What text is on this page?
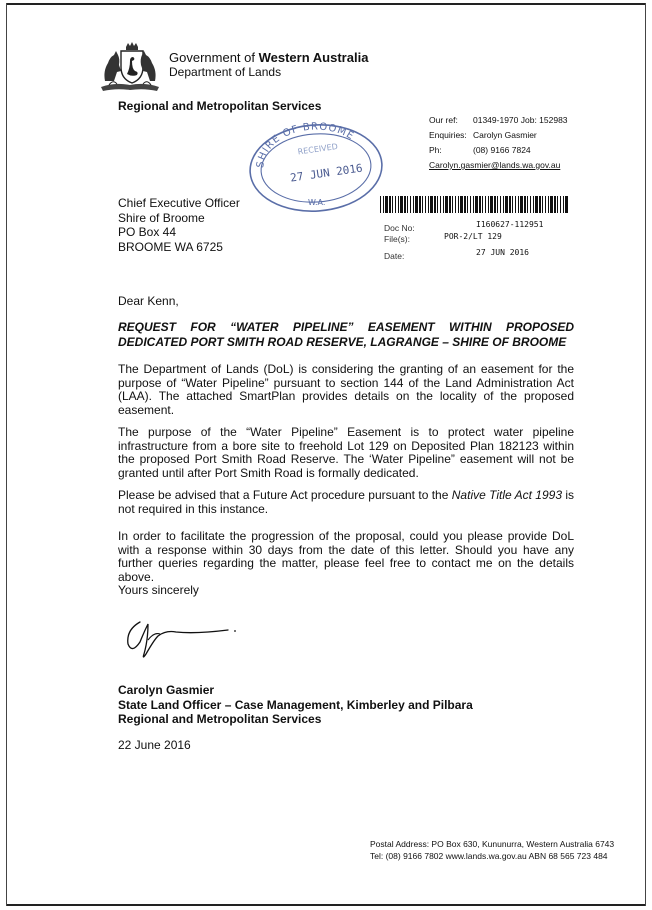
Government of Western Australia
Department of Lands
Regional and Metropolitan Services
Our ref:	01349-1970 Job: 152983
Enquiries: Carolyn Gasmier
Ph:	(08) 9166 7824
Carolyn.gasmier@lands.wa.gov.au
SHIRE OF BROOME
RECEIVED
27 JUN 2016
W.A.
Chief Executive Officer
Shire of Broome
PO Box 44
BROOME WA 6725
Doc No:	I160627-112951
File(s):	POR-2/LT 129
Date:	27 JUN 2016
Dear Kenn,
REQUEST FOR “WATER PIPELINE” EASEMENT WITHIN PROPOSED
DEDICATED PORT SMITH ROAD RESERVE, LAGRANGE – SHIRE OF BROOME
The Department of Lands (DoL) is considering the granting of an easement for the purpose of “Water Pipeline” pursuant to section 144 of the Land Administration Act (LAA). The attached SmartPlan provides details on the locality of the proposed easement.
The purpose of the “Water Pipeline” Easement is to protect water pipeline infrastructure from a bore site to freehold Lot 129 on Deposited Plan 182123 within the proposed Port Smith Road Reserve. The ‘Water Pipeline” easement will not be granted until after Port Smith Road is formally dedicated.
Please be advised that a Future Act procedure pursuant to the Native Title Act 1993 is not required in this instance.
In order to facilitate the progression of the proposal, could you please provide DoL with a response within 30 days from the date of this letter. Should you have any further queries regarding the matter, please feel free to contact me on the details above.
Yours sincerely
Carolyn Gasmier
State Land Officer – Case Management, Kimberley and Pilbara
Regional and Metropolitan Services
22 June 2016
Postal Address: PO Box 630, Kununurra, Western Australia 6743
Tel: (08) 9166 7802 www.lands.wa.gov.au ABN 68 565 723 484
